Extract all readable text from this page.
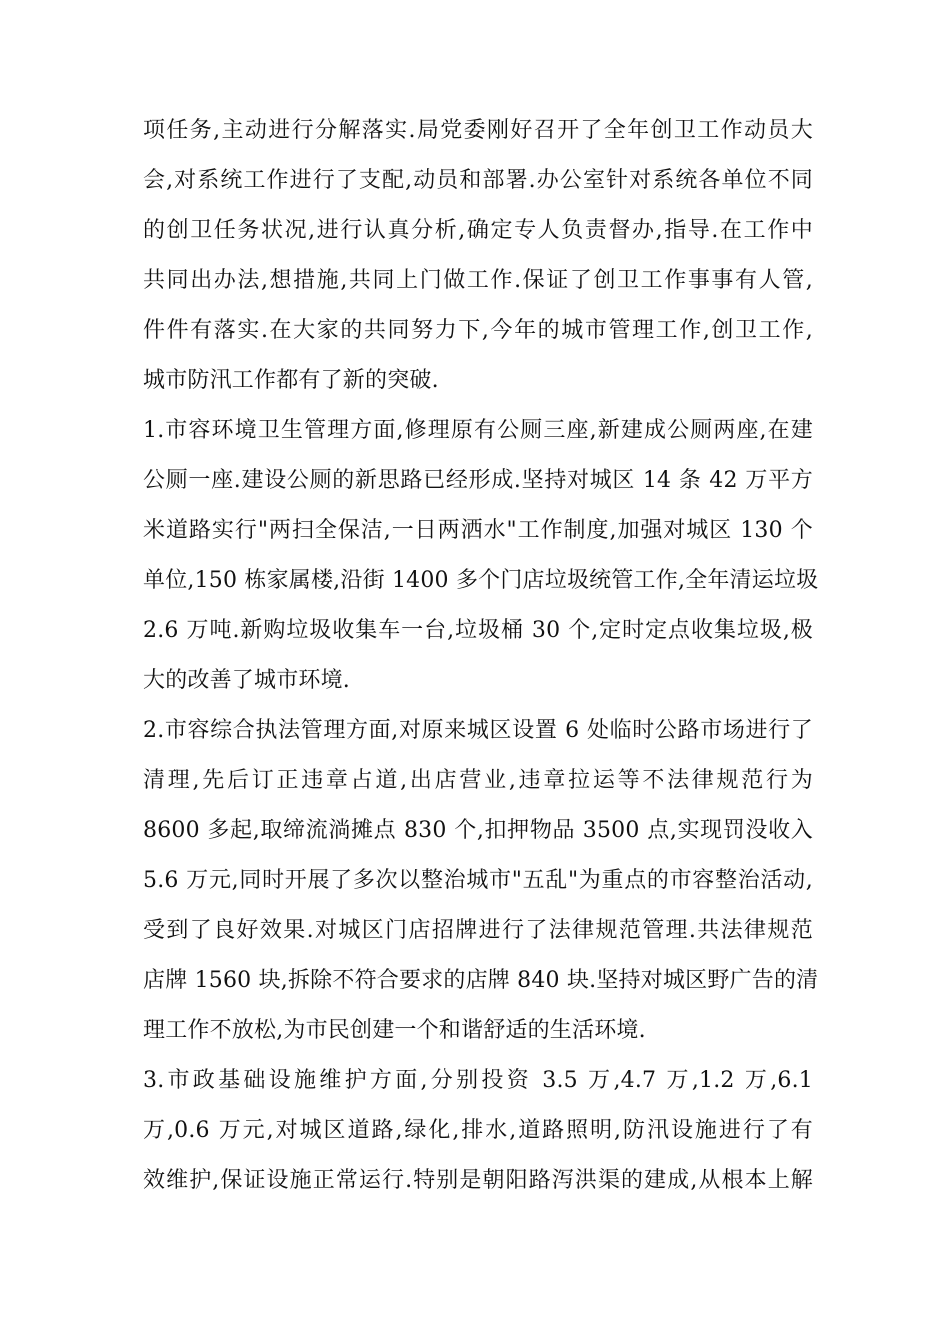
项任务,主动进行分解落实.局党委刚好召开了全年创卫工作动员大
会,对系统工作进行了支配,动员和部署.办公室针对系统各单位不同
的创卫任务状况,进行认真分析,确定专人负责督办,指导.在工作中
共同出办法,想措施,共同上门做工作.保证了创卫工作事事有人管,
件件有落实.在大家的共同努力下,今年的城市管理工作,创卫工作,
城市防汛工作都有了新的突破.
1.市容环境卫生管理方面,修理原有公厕三座,新建成公厕两座,在建
公厕一座.建设公厕的新思路已经形成.坚持对城区 14 条 42 万平方
米道路实行"两扫全保洁,一日两洒水"工作制度,加强对城区 130 个
单位,150 栋家属楼,沿街 1400 多个门店垃圾统管工作,全年清运垃圾
2.6 万吨.新购垃圾收集车一台,垃圾桶 30 个,定时定点收集垃圾,极
大的改善了城市环境.
2.市容综合执法管理方面,对原来城区设置 6 处临时公路市场进行了
清理,先后订正违章占道,出店营业,违章拉运等不法律规范行为
8600 多起,取缔流淌摊点 830 个,扣押物品 3500 点,实现罚没收入
5.6 万元,同时开展了多次以整治城市"五乱"为重点的市容整治活动,
受到了良好效果.对城区门店招牌进行了法律规范管理.共法律规范
店牌 1560 块,拆除不符合要求的店牌 840 块.坚持对城区野广告的清
理工作不放松,为市民创建一个和谐舒适的生活环境.
3.市政基础设施维护方面,分别投资 3.5 万,4.7 万,1.2 万,6.1
万,0.6 万元,对城区道路,绿化,排水,道路照明,防汛设施进行了有
效维护,保证设施正常运行.特别是朝阳路泻洪渠的建成,从根本上解
